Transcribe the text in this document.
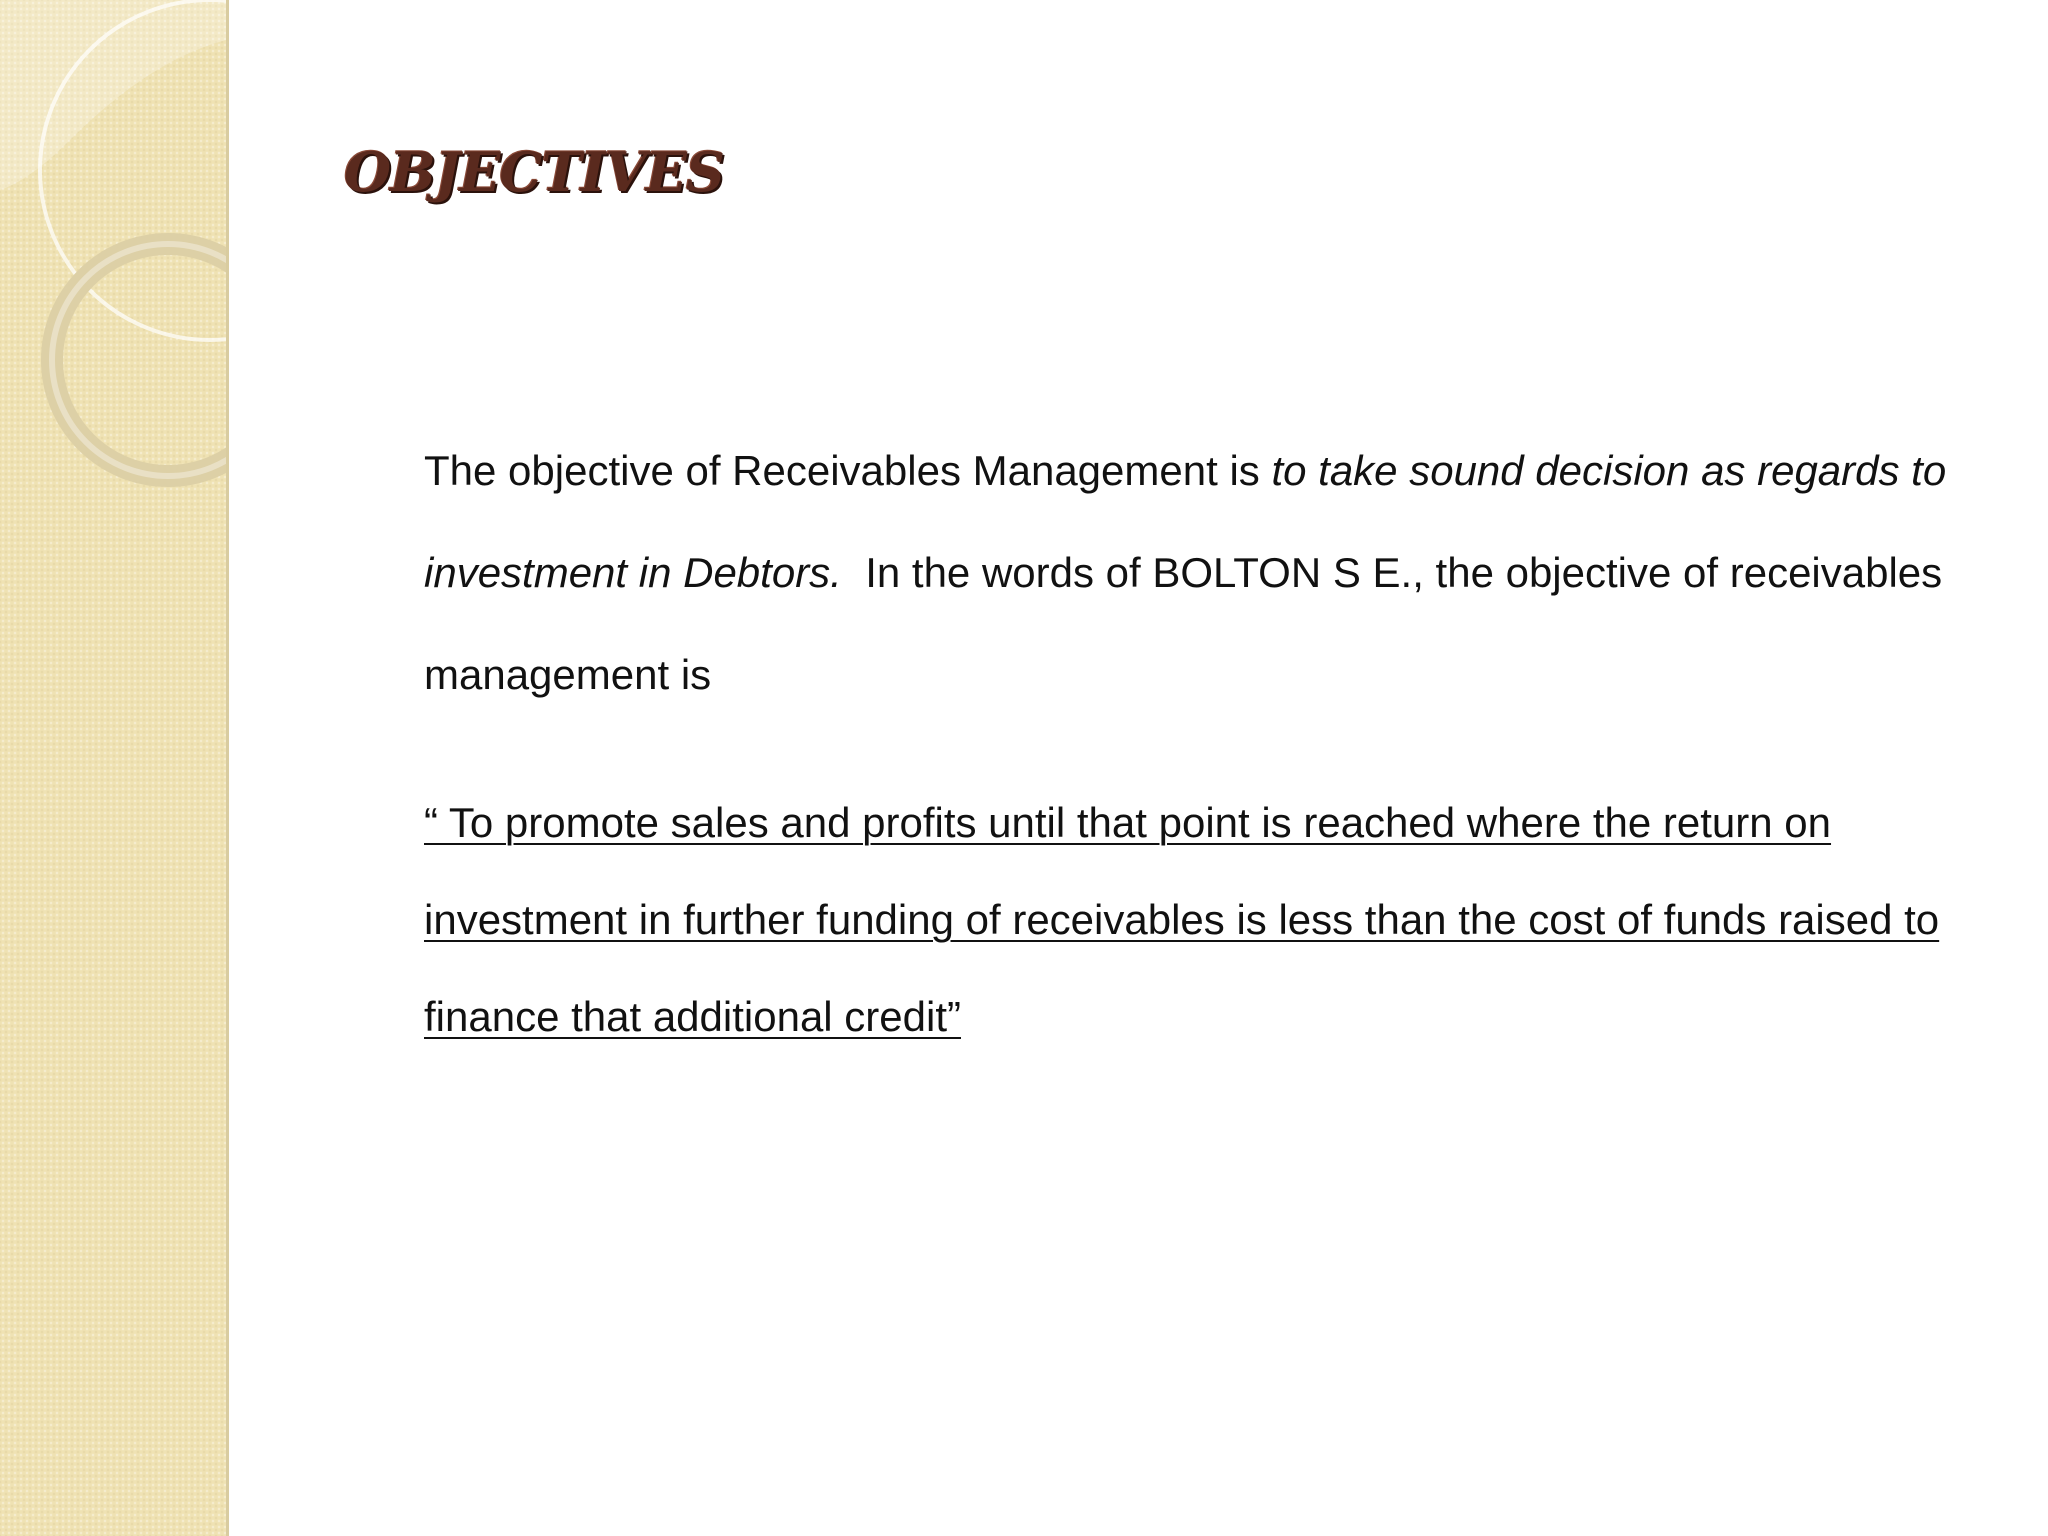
OBJECTIVES

The objective of Receivables Management is to take sound decision as regards to investment in Debtors.  In the words of BOLTON S E., the objective of receivables management is

“ To promote sales and profits until that point is reached where the return on investment in further funding of receivables is less than the cost of funds raised to finance that additional credit”
